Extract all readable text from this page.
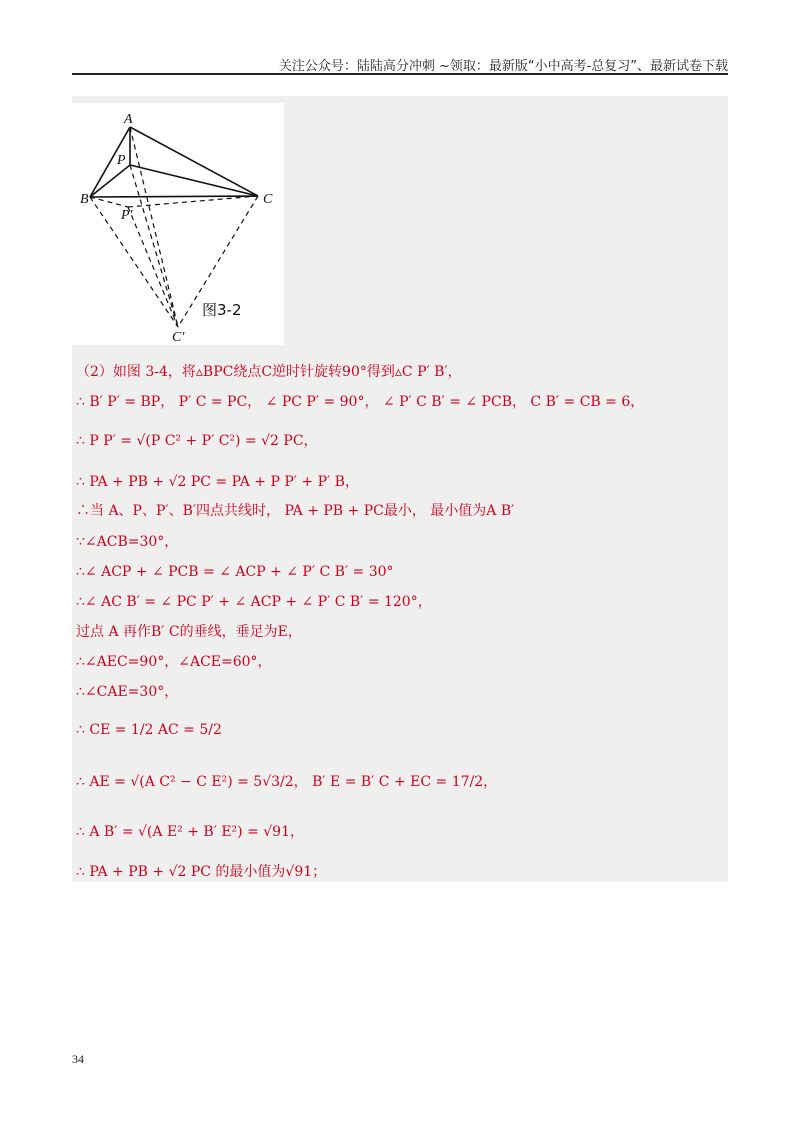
关注公众号：陆陆高分冲刺 ~领取：最新版“小中高考-总复习”、最新试卷下载
A
P
B	C
P′
C′
图3-2
（2）如图 3-4，将▵BPC绕点C逆时针旋转90°得到▵C P′ B′，
∴ B′ P′ = BP， P′ C = PC， ∠ PC P′ = 90°， ∠ P′ C B′ = ∠ PCB， C B′ = CB = 6，
∴ P P′ = √(P C² + P′ C²) = √2 PC，
∴ PA + PB + √2 PC = PA + P P′ + P′ B，
∴当 A、P、P′、B′四点共线时， PA + PB + PC最小， 最小值为A B′
∵∠ACB=30°，
∴∠ ACP + ∠ PCB = ∠ ACP + ∠ P′ C B′ = 30°
∴∠ AC B′ = ∠ PC P′ + ∠ ACP + ∠ P′ C B′ = 120°，
过点 A 再作B′ C的垂线，垂足为E，
∴∠AEC=90°，∠ACE=60°，
∴∠CAE=30°，
∴ CE = 1/2 AC = 5/2
∴ AE = √(A C² − C E²) = 5√3/2， B′ E = B′ C + EC = 17/2，
∴ A B′ = √(A E² + B′ E²) = √91，
∴ PA + PB + √2 PC 的最小值为√91；
34
